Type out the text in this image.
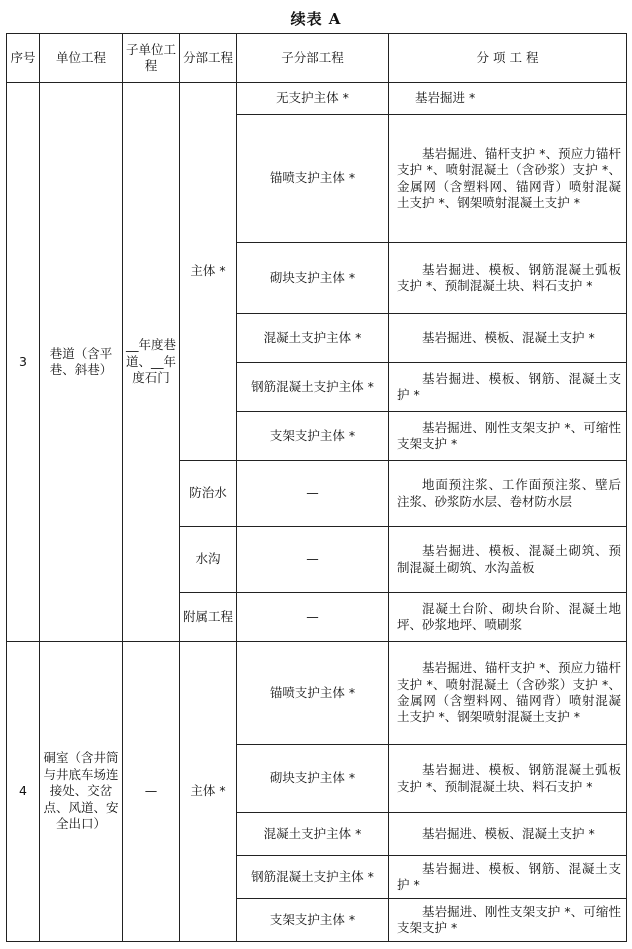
续表 A
序号	单位工程	子单位工程	分部工程	子分部工程	分 项 工 程
3	巷道（含平巷、斜巷）	__年度巷道、__年度石门	主体 *	无支护主体 *	基岩掘进 *
				锚喷支护主体 *	基岩掘进、锚杆支护 *、预应力锚杆支护 *、喷射混凝土（含砂浆）支护 *、金属网（含塑料网、锚网背）喷射混凝土支护 *、钢架喷射混凝土支护 *
				砌块支护主体 *	基岩掘进、模板、钢筋混凝土弧板支护 *、预制混凝土块、料石支护 *
				混凝土支护主体 *	基岩掘进、模板、混凝土支护 *
				钢筋混凝土支护主体 *	基岩掘进、模板、钢筋、混凝土支护 *
				支架支护主体 *	基岩掘进、刚性支架支护 *、可缩性支架支护 *
			防治水	—	地面预注浆、工作面预注浆、壁后注浆、砂浆防水层、卷材防水层
			水沟	—	基岩掘进、模板、混凝土砌筑、预制混凝土砌筑、水沟盖板
			附属工程	—	混凝土台阶、砌块台阶、混凝土地坪、砂浆地坪、喷刷浆
4	硐室（含井筒与井底车场连接处、交岔点、风道、安全出口）	—	主体 *	锚喷支护主体 *	基岩掘进、锚杆支护 *、预应力锚杆支护 *、喷射混凝土（含砂浆）支护 *、金属网（含塑料网、锚网背）喷射混凝土支护 *、钢架喷射混凝土支护 *
				砌块支护主体 *	基岩掘进、模板、钢筋混凝土弧板支护 *、预制混凝土块、料石支护 *
				混凝土支护主体 *	基岩掘进、模板、混凝土支护 *
				钢筋混凝土支护主体 *	基岩掘进、模板、钢筋、混凝土支护 *
				支架支护主体 *	基岩掘进、刚性支架支护 *、可缩性支架支护 *
